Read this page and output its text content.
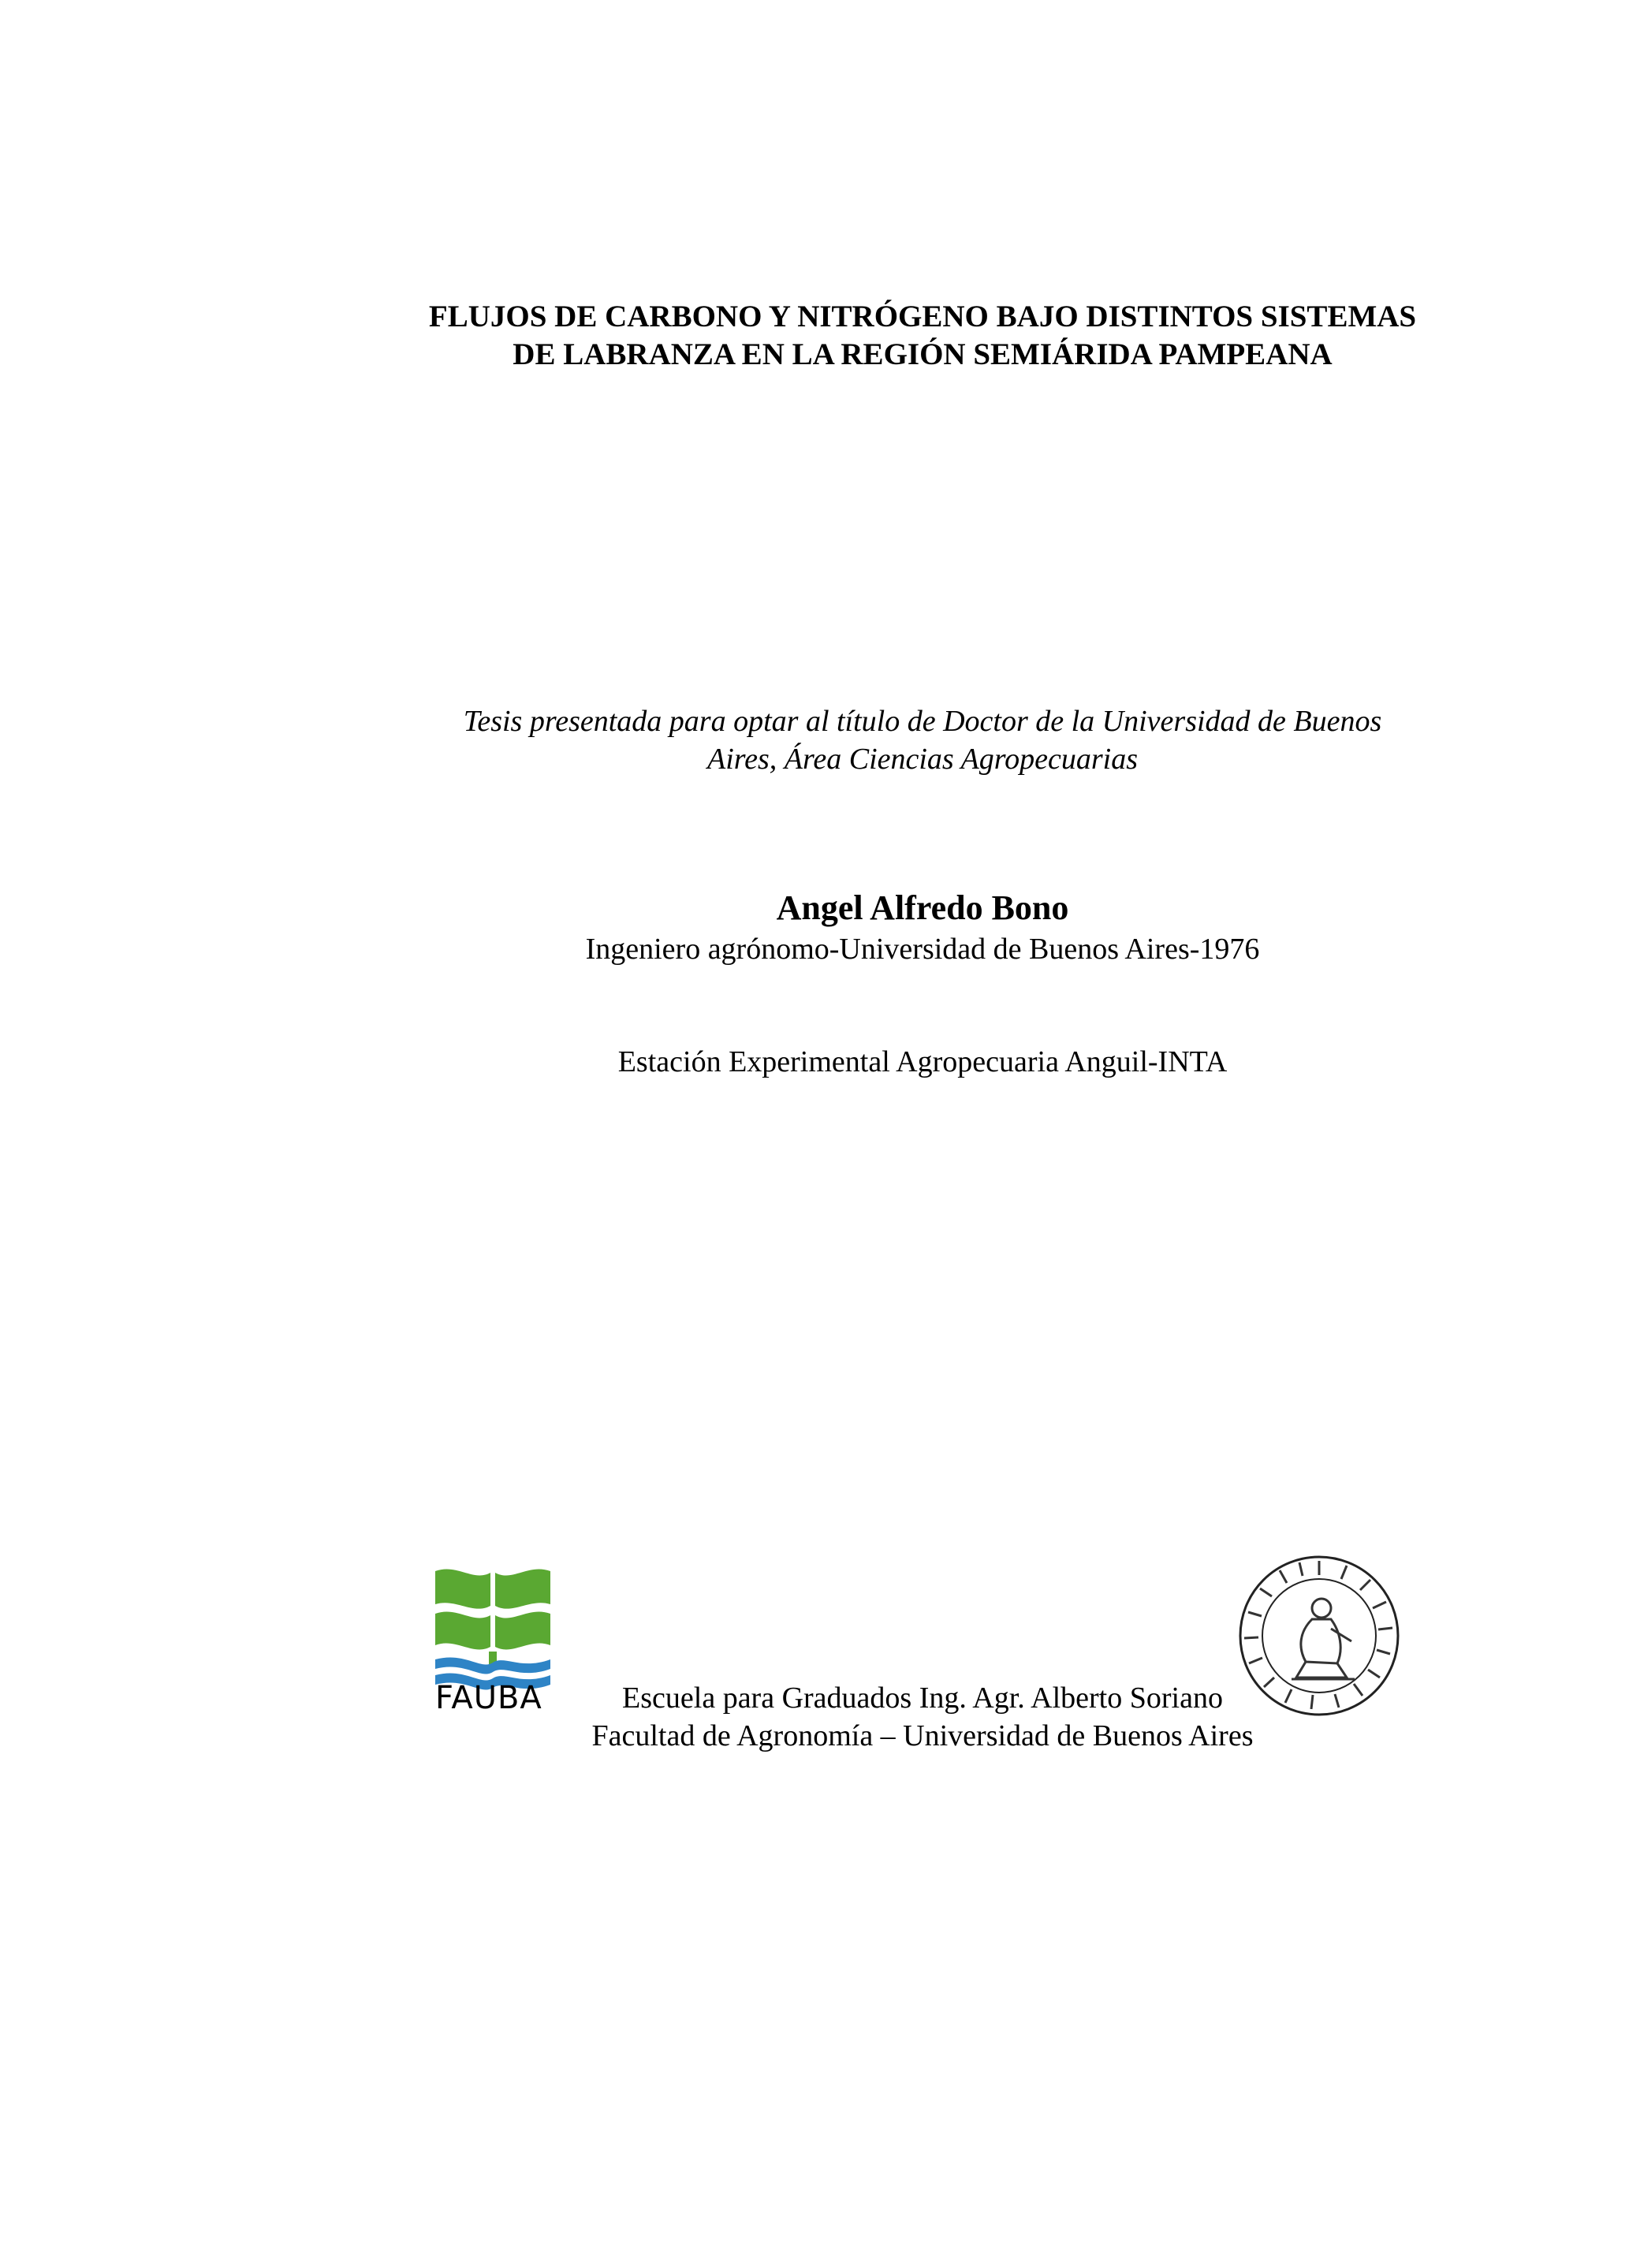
FLUJOS DE CARBONO Y NITRÓGENO BAJO DISTINTOS SISTEMAS
DE LABRANZA EN LA REGIÓN SEMIÁRIDA PAMPEANA
Tesis presentada para optar al título de Doctor de la Universidad de Buenos
Aires, Área Ciencias Agropecuarias
Angel Alfredo Bono
Ingeniero agrónomo-Universidad de Buenos Aires-1976
Estación Experimental Agropecuaria Anguil-INTA
FAUBA	Escuela para Graduados Ing. Agr. Alberto Soriano
Facultad de Agronomía – Universidad de Buenos Aires
